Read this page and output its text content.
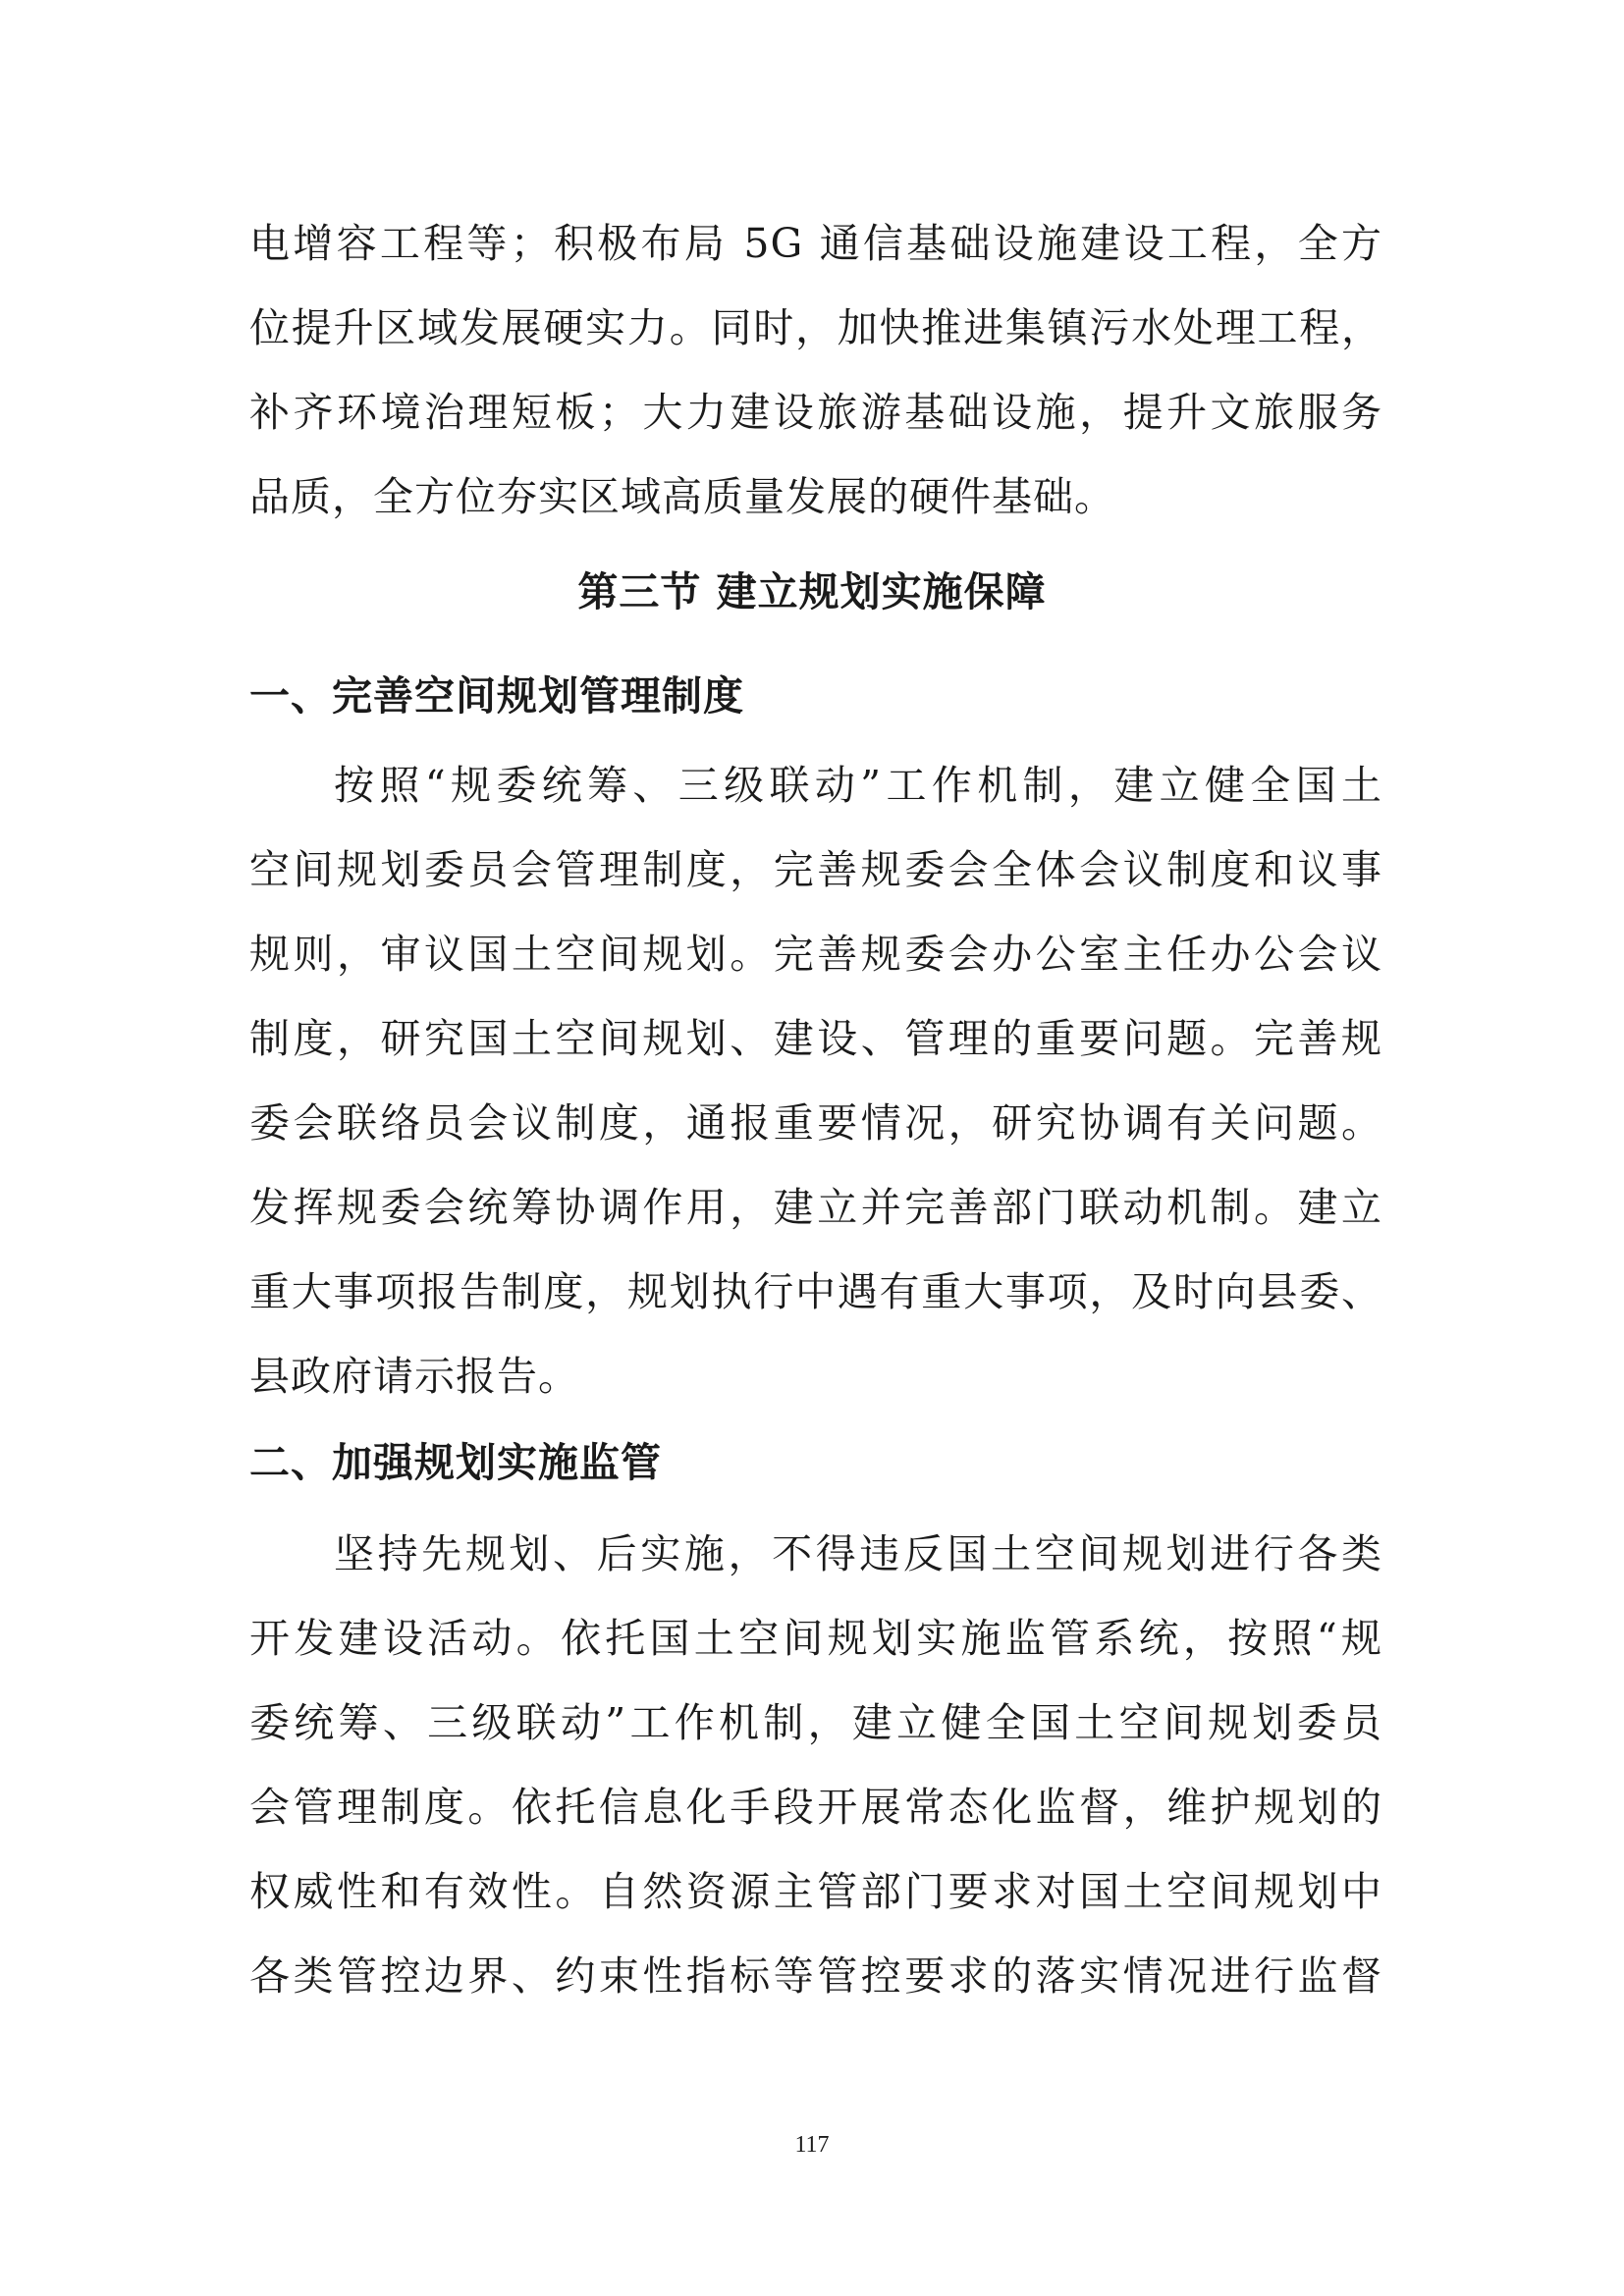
电增容工程等；积极布局 5G 通信基础设施建设工程，全方
位提升区域发展硬实力。同时，加快推进集镇污水处理工程，
补齐环境治理短板；大力建设旅游基础设施，提升文旅服务
品质，全方位夯实区域高质量发展的硬件基础。
第三节 建立规划实施保障
一、完善空间规划管理制度
按照“规委统筹、三级联动”工作机制，建立健全国土
空间规划委员会管理制度，完善规委会全体会议制度和议事
规则，审议国土空间规划。完善规委会办公室主任办公会议
制度，研究国土空间规划、建设、管理的重要问题。完善规
委会联络员会议制度，通报重要情况，研究协调有关问题。
发挥规委会统筹协调作用，建立并完善部门联动机制。建立
重大事项报告制度，规划执行中遇有重大事项，及时向县委、
县政府请示报告。
二、加强规划实施监管
坚持先规划、后实施，不得违反国土空间规划进行各类
开发建设活动。依托国土空间规划实施监管系统，按照“规
委统筹、三级联动”工作机制，建立健全国土空间规划委员
会管理制度。依托信息化手段开展常态化监督，维护规划的
权威性和有效性。自然资源主管部门要求对国土空间规划中
各类管控边界、约束性指标等管控要求的落实情况进行监督
117
